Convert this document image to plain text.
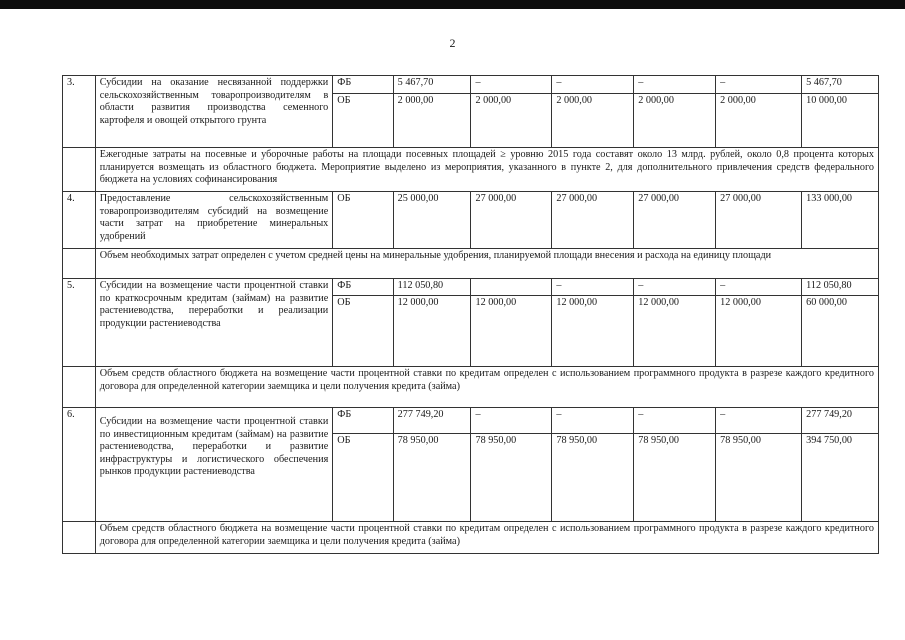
2
3.	Субсидии на оказание несвязанной поддержки сельскохозяйственным товаропроизводителям в области развития производства семенного картофеля и овощей открытого грунта	ФБ	5 467,70	–	–	–	–	5 467,70
		ОБ	2 000,00	2 000,00	2 000,00	2 000,00	2 000,00	10 000,00
	Ежегодные затраты на посевные и уборочные работы на площади посевных площадей ≥ уровню 2015 года составят около 13 млрд. рублей, около 0,8 процента которых планируется возмещать из областного бюджета. Мероприятие выделено из мероприятия, указанного в пункте 2, для дополнительного привлечения средств федерального бюджета на условиях софинансирования							
4.	Предоставление сельскохозяйственным товаропроизводителям субсидий на возмещение части затрат на приобретение минеральных удобрений	ОБ	25 000,00	27 000,00	27 000,00	27 000,00	27 000,00	133 000,00
	Объем необходимых затрат определен с учетом средней цены на минеральные удобрения, планируемой площади внесения и расхода на единицу площади							
5.	Субсидии на возмещение части процентной ставки по краткосрочным кредитам (займам) на развитие растениеводства, переработки и реализации продукции растениеводства	ФБ	112 050,80		–	–	–	112 050,80
		ОБ	12 000,00	12 000,00	12 000,00	12 000,00	12 000,00	60 000,00
	Объем средств областного бюджета на возмещение части процентной ставки по кредитам определен с использованием программного продукта в разрезе каждого кредитного договора для определенной категории заемщика и цели получения кредита (займа)							
6.	Субсидии на возмещение части процентной ставки по инвестиционным кредитам (займам) на развитие растениеводства, переработки и развитие инфраструктуры и логистического обеспечения рынков продукции растениеводства	ФБ	277 749,20	–	–	–	–	277 749,20
		ОБ	78 950,00	78 950,00	78 950,00	78 950,00	78 950,00	394 750,00
	Объем средств областного бюджета на возмещение части процентной ставки по кредитам определен с использованием программного продукта в разрезе каждого кредитного договора для определенной категории заемщика и цели получения кредита (займа)							
